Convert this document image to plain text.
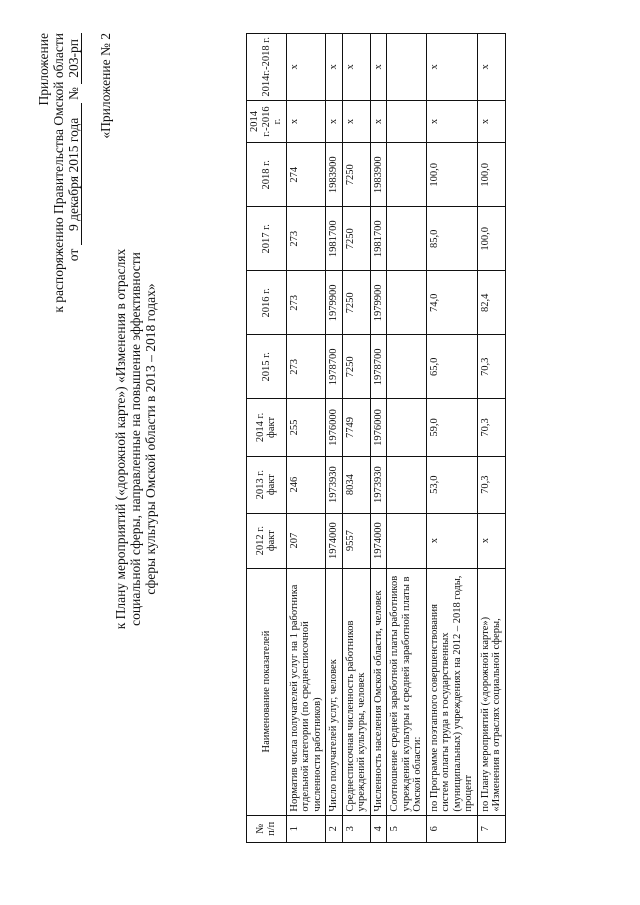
Приложение к распоряжению Правительства Омской области от 9 декабря 2015 года № 203-рп «Приложение № 2
к Плану мероприятий («дорожной карте») «Изменения в отраслях социальной сферы, направленные на повышение эффективности сферы культуры Омской области в 2013 – 2018 годах»
№ п/п	Наименование показателей	2012 г. факт	2013 г. факт	2014 г. факт	2015 г.	2016 г.	2017 г.	2018 г.	2014 г.-2016 г.	2014г.-2018 г.
1	Норматив числа получателей услуг на 1 работника отдельной категории (по среднесписочной численности работников)	207	246	255	273	273	273	274	х	х
2	Число получателей услуг, человек	1974000	1973930	1976000	1978700	1979900	1981700	1983900	х	х
3	Среднесписочная численность работников учреждений культуры, человек	9557	8034	7749	7250	7250	7250	7250	х	х
4	Численность населения Омской области, человек	1974000	1973930	1976000	1978700	1979900	1981700	1983900	х	х
5	Соотношение средней заработной платы работников учреждений культуры и средней заработной платы в Омской области:									
6	по Программе поэтапного совершенствования систем оплаты труда в государственных (муниципальных) учреждениях на 2012 – 2018 годы, процент	х	53,0	59,0	65,0	74,0	85,0	100,0	х	х
7	по Плану мероприятий («дорожной карте») «Изменения в отраслях социальной сферы,	х	70,3	70,3	70,3	82,4	100,0	100,0	х	х
